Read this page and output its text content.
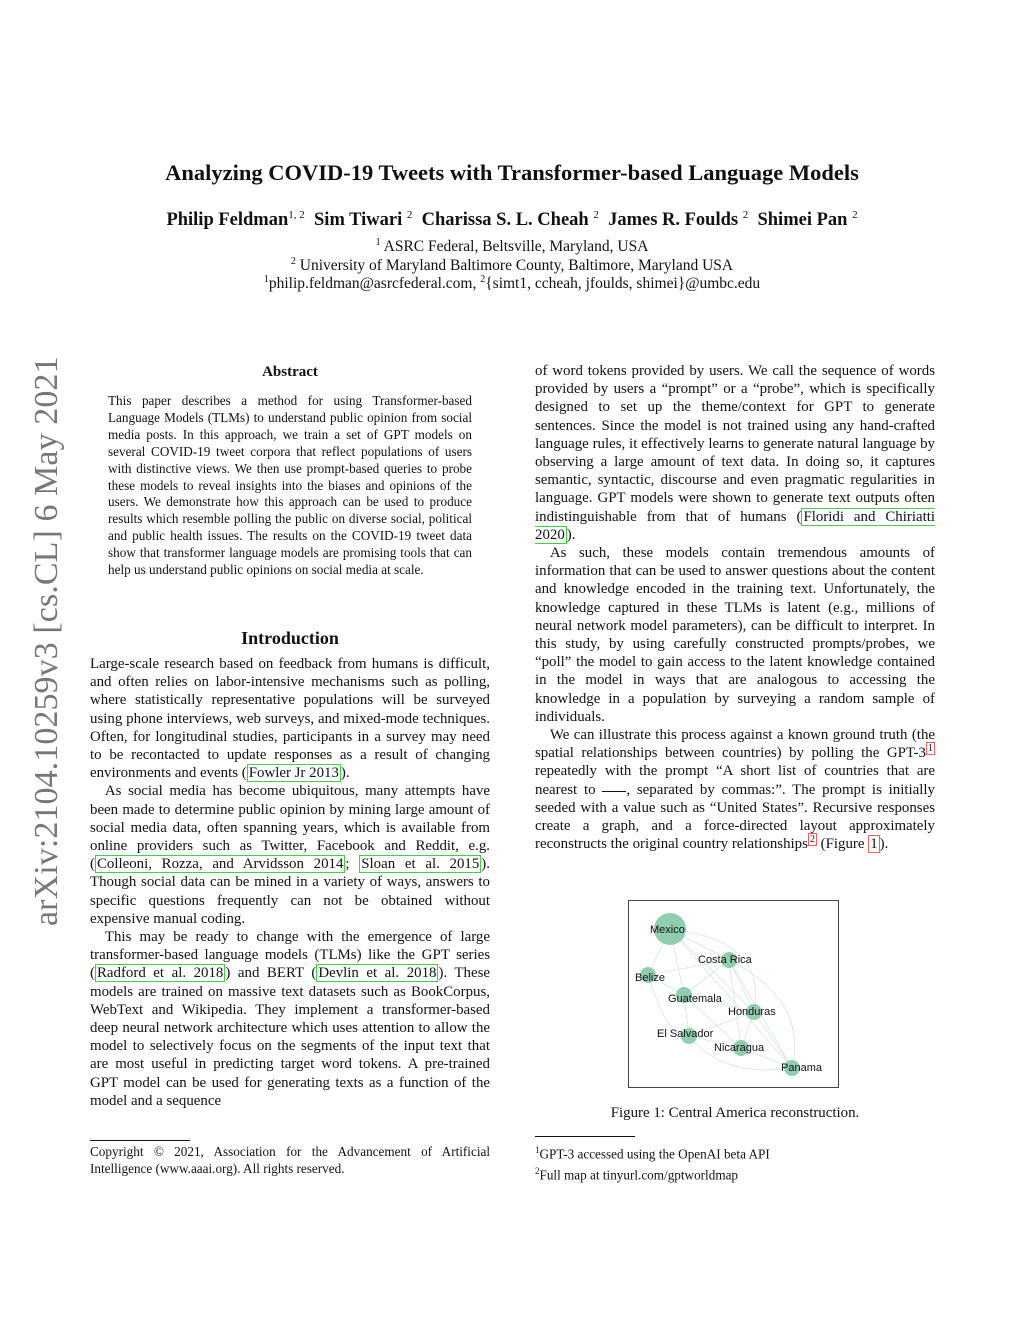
Analyzing COVID-19 Tweets with Transformer-based Language Models
Philip Feldman$^{1, 2}$ Sim Tiwari $^2$ Charissa S. L. Cheah $^2$ James R. Foulds $^2$ Shimei Pan $^2$
$^1$ ASRC Federal, Beltsville, Maryland, USA
$^2$ University of Maryland Baltimore County, Baltimore, Maryland USA
$^1$philip.feldman@asrcfederal.com, $^2${simt1, ccheah, jfoulds, shimei}@umbc.edu
arXiv:2104.10259v3 [cs.CL] 6 May 2021	Abstract
This paper describes a method for using Transformer-based Language Models (TLMs) to understand public opinion from social media posts. In this approach, we train a set of GPT models on several COVID-19 tweet corpora that reflect populations of users with distinctive views. We then use prompt-based queries to probe these models to reveal insights into the biases and opinions of the users. We demonstrate how this approach can be used to produce results which resemble polling the public on diverse social, political and public health issues. The results on the COVID-19 tweet data show that transformer language models are promising tools that can help us understand public opinions on social media at scale.
Introduction

Large-scale research based on feedback from humans is difficult, and often relies on labor-intensive mechanisms such as polling, where statistically representative populations will be surveyed using phone interviews, web surveys, and mixed-mode techniques. Often, for longitudinal studies, participants in a survey may need to be recontacted to update responses as a result of changing environments and events ( Fowler Jr 2013 ).

As social media has become ubiquitous, many attempts have been made to determine public opinion by mining large amount of social media data, often spanning years, which is available from online providers such as Twitter, Facebook and Reddit, e.g. ( Colleoni, Rozza, and Arvidsson 2014 ; Sloan et al. 2015 ). Though social data can be mined in a variety of ways, answers to specific questions frequently can not be obtained without expensive manual coding.

This may be ready to change with the emergence of large transformer-based language models (TLMs) like the GPT series ( Radford et al. 2018 ) and BERT ( Devlin et al. 2018 ). These models are trained on massive text datasets such as BookCorpus, WebText and Wikipedia. They implement a transformer-based deep neural network architecture which uses attention to allow the model to selectively focus on the segments of the input text that are most useful in predicting target word tokens. A pre-trained GPT model can be used for generating texts as a function of the model and a sequence

of word tokens provided by users. We call the sequence of words provided by users a “prompt” or a “probe”, which is specifically designed to set up the theme/context for GPT to generate sentences. Since the model is not trained using any hand-crafted language rules, it effectively learns to generate natural language by observing a large amount of text data. In doing so, it captures semantic, syntactic, discourse and even pragmatic regularities in language. GPT models were shown to generate text outputs often indistinguishable from that of humans ( Floridi and Chiriatti 2020 ).

As such, these models contain tremendous amounts of information that can be used to answer questions about the content and knowledge encoded in the training text. Unfortunately, the knowledge captured in these TLMs is latent (e.g., millions of neural network model parameters), can be difficult to interpret. In this study, by using carefully constructed prompts/probes, we “poll” the model to gain access to the latent knowledge contained in the model in ways that are analogous to accessing the knowledge in a population by surveying a random sample of individuals.

We can illustrate this process against a known ground truth (the spatial relationships between countries) by polling the GPT-3 $^1$ repeatedly with the prompt “A short list of countries that are nearest to , separated by commas:”. The prompt is initially seeded with a value such as “United States”. Recursive responses create a graph, and a force-directed layout approximately reconstructs the original country relationships $^2$ (Figure 1 ).

Mexico
Belize
Costa Rica
Guatemala
Honduras
El Salvador
Nicaragua
Panama
Figure 1: Central America reconstruction.
Copyright © 2021, Association for the Advancement of Artificial Intelligence (www.aaai.org). All rights reserved.
$^1$GPT-3 accessed using the OpenAI beta API
$^2$Full map at tinyurl.com/gptworldmap
